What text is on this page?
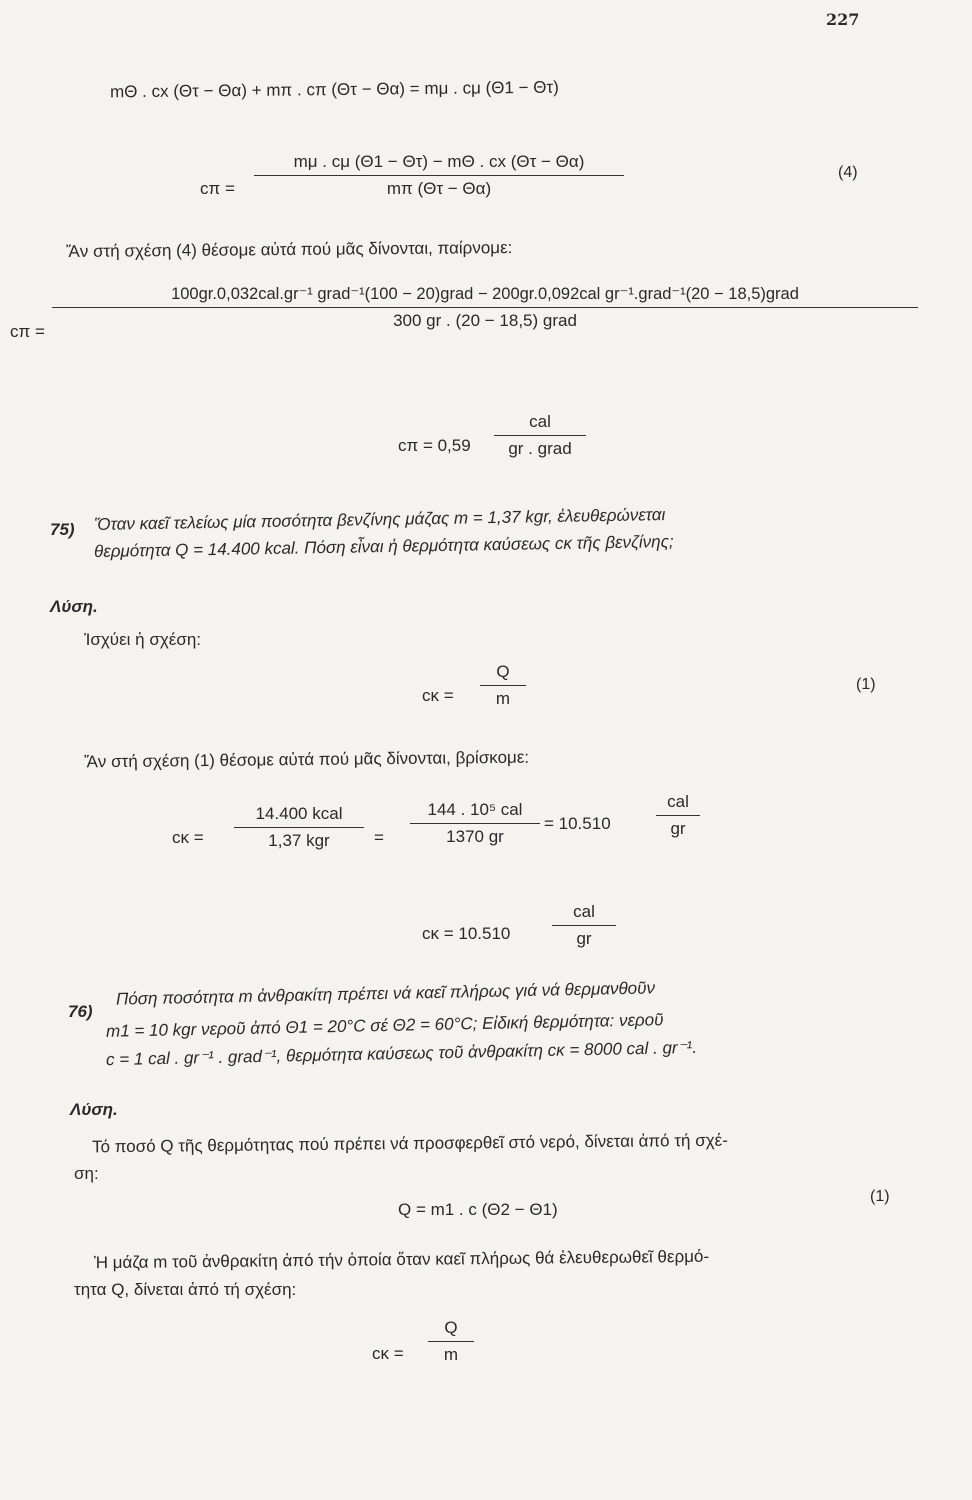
227
mΘ . cx (Θτ − Θα) + mπ . cπ (Θτ − Θα) = mμ . cμ (Θ1 − Θτ)
cπ =
mμ . cμ (Θ1 − Θτ) − mΘ . cx (Θτ − Θα)
mπ (Θτ − Θα)
(4)
Ἄν στή σχέση (4) θέσομε αὐτά πού μᾶς δίνονται, παίρνομε:
cπ =
100gr.0,032cal.gr⁻¹ grad⁻¹(100 − 20)grad − 200gr.0,092cal gr⁻¹.grad⁻¹(20 − 18,5)grad
300 gr . (20 − 18,5) grad
cπ = 0,59
cal
gr . grad
75) Ὅταν καεῖ τελείως μία ποσότητα βενζίνης μάζας m = 1,37 kgr, ἐλευθερώνεται
θερμότητα Q = 14.400 kcal. Πόση εἶναι ἡ θερμότητα καύσεως cκ τῆς βενζίνης;
Λύση.
Ἰσχύει ἡ σχέση:
cκ =
Q
m
(1)
Ἄν στή σχέση (1) θέσομε αὐτά πού μᾶς δίνονται, βρίσκομε:
cκ =
14.400 kcal
1,37 kgr	=
144 . 10⁵ cal
1370 gr
= 10.510
cal
gr
cκ = 10.510
cal
gr
76)
Πόση ποσότητα m ἀνθρακίτη πρέπει νά καεῖ πλήρως γιά νά θερμανθοῦν
m1 = 10 kgr νεροῦ ἀπό Θ1 = 20°C σέ Θ2 = 60°C; Εἰδική θερμότητα: νεροῦ
c = 1 cal . gr⁻¹ . grad⁻¹, θερμότητα καύσεως τοῦ ἀνθρακίτη cκ = 8000 cal . gr⁻¹.
Λύση.
Τό ποσό Q τῆς θερμότητας πού πρέπει νά προσφερθεῖ στό νερό, δίνεται ἀπό τή σχέ-
ση:
Q = m1 . c (Θ2 − Θ1)
(1)
Ἡ μάζα m τοῦ ἀνθρακίτη ἀπό τήν ὁποία ὅταν καεῖ πλήρως θά ἐλευθερωθεῖ θερμό-
τητα Q, δίνεται ἀπό τή σχέση:
cκ =
Q
m
